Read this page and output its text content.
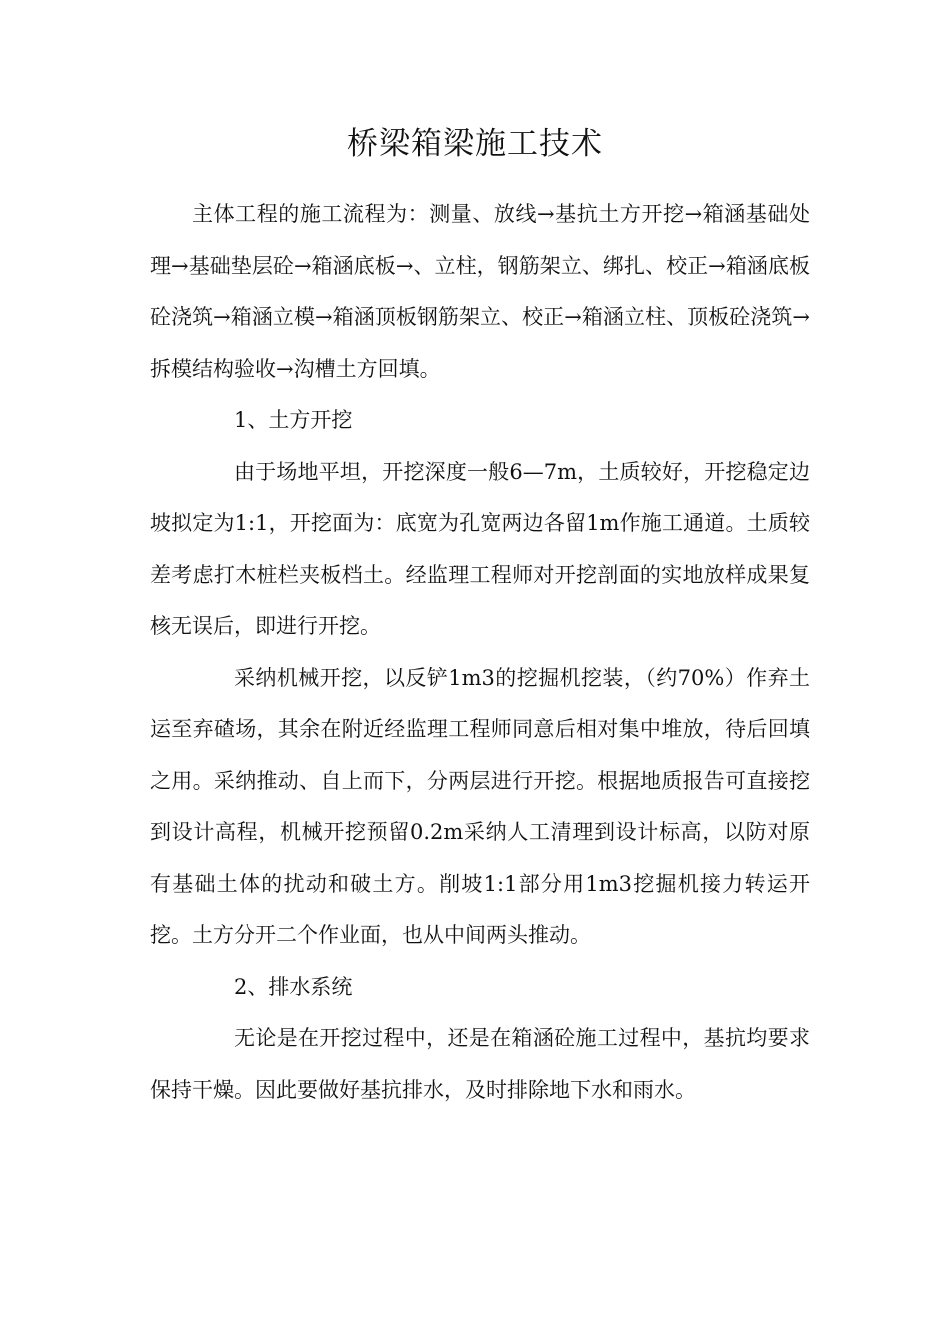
桥梁箱梁施工技术

主体工程的施工流程为：测量、放线→基抗土方开挖→箱涵基础处理→基础垫层砼→箱涵底板→、立柱，钢筋架立、绑扎、校正→箱涵底板砼浇筑→箱涵立模→箱涵顶板钢筋架立、校正→箱涵立柱、顶板砼浇筑→拆模结构验收→沟槽土方回填。

1、土方开挖

由于场地平坦，开挖深度一般6—7m，土质较好，开挖稳定边坡拟定为1:1，开挖面为：底宽为孔宽两边各留1m作施工通道。土质较差考虑打木桩栏夹板档土。经监理工程师对开挖剖面的实地放样成果复核无误后，即进行开挖。

采纳机械开挖，以反铲1m3的挖掘机挖装，（约70%）作弃土运至弃碴场，其余在附近经监理工程师同意后相对集中堆放，待后回填之用。采纳推动、自上而下，分两层进行开挖。根据地质报告可直接挖到设计高程，机械开挖预留0.2m采纳人工清理到设计标高，以防对原有基础土体的扰动和破土方。削坡1:1部分用1m3挖掘机接力转运开挖。土方分开二个作业面，也从中间两头推动。

2、排水系统

无论是在开挖过程中，还是在箱涵砼施工过程中，基抗均要求保持干燥。因此要做好基抗排水，及时排除地下水和雨水。
